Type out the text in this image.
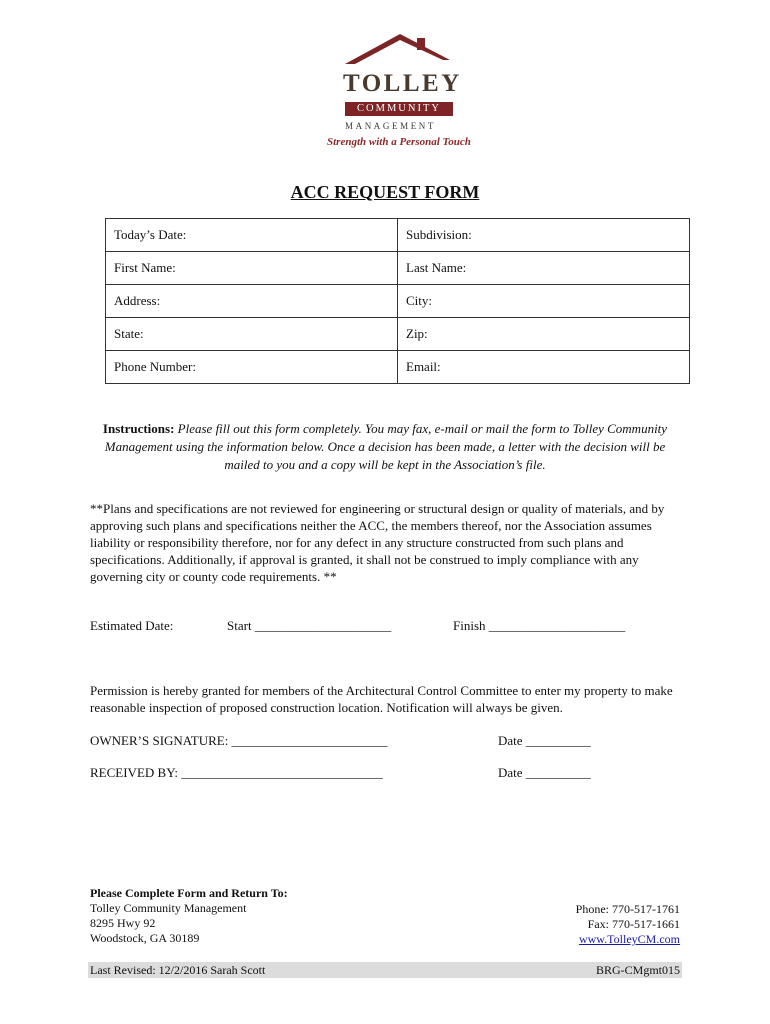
TOLLEY
COMMUNITY
MANAGEMENT
Strength with a Personal Touch
ACC REQUEST FORM
Today’s Date:	Subdivision:
First Name:	Last Name:
Address:	City:
State:	Zip:
Phone Number:	Email:
Instructions: Please fill out this form completely. You may fax, e-mail or mail the form to Tolley Community Management using the information below. Once a decision has been made, a letter with the decision will be mailed to you and a copy will be kept in the Association’s file.
**Plans and specifications are not reviewed for engineering or structural design or quality of materials, and by approving such plans and specifications neither the ACC, the members thereof, nor the Association assumes liability or responsibility therefore, nor for any defect in any structure constructed from such plans and specifications. Additionally, if approval is granted, it shall not be construed to imply compliance with any governing city or county code requirements. **
Estimated Date:	Start _____________________	Finish _____________________
Permission is hereby granted for members of the Architectural Control Committee to enter my property to make reasonable inspection of proposed construction location. Notification will always be given.
OWNER’S SIGNATURE: ________________________	Date __________
RECEIVED BY: _______________________________	Date __________
Please Complete Form and Return To:
Tolley Community Management
8295 Hwy 92
Woodstock, GA 30189
Phone: 770-517-1761
Fax: 770-517-1661
www.TolleyCM.com
Last Revised: 12/2/2016 Sarah Scott	BRG-CMgmt015
